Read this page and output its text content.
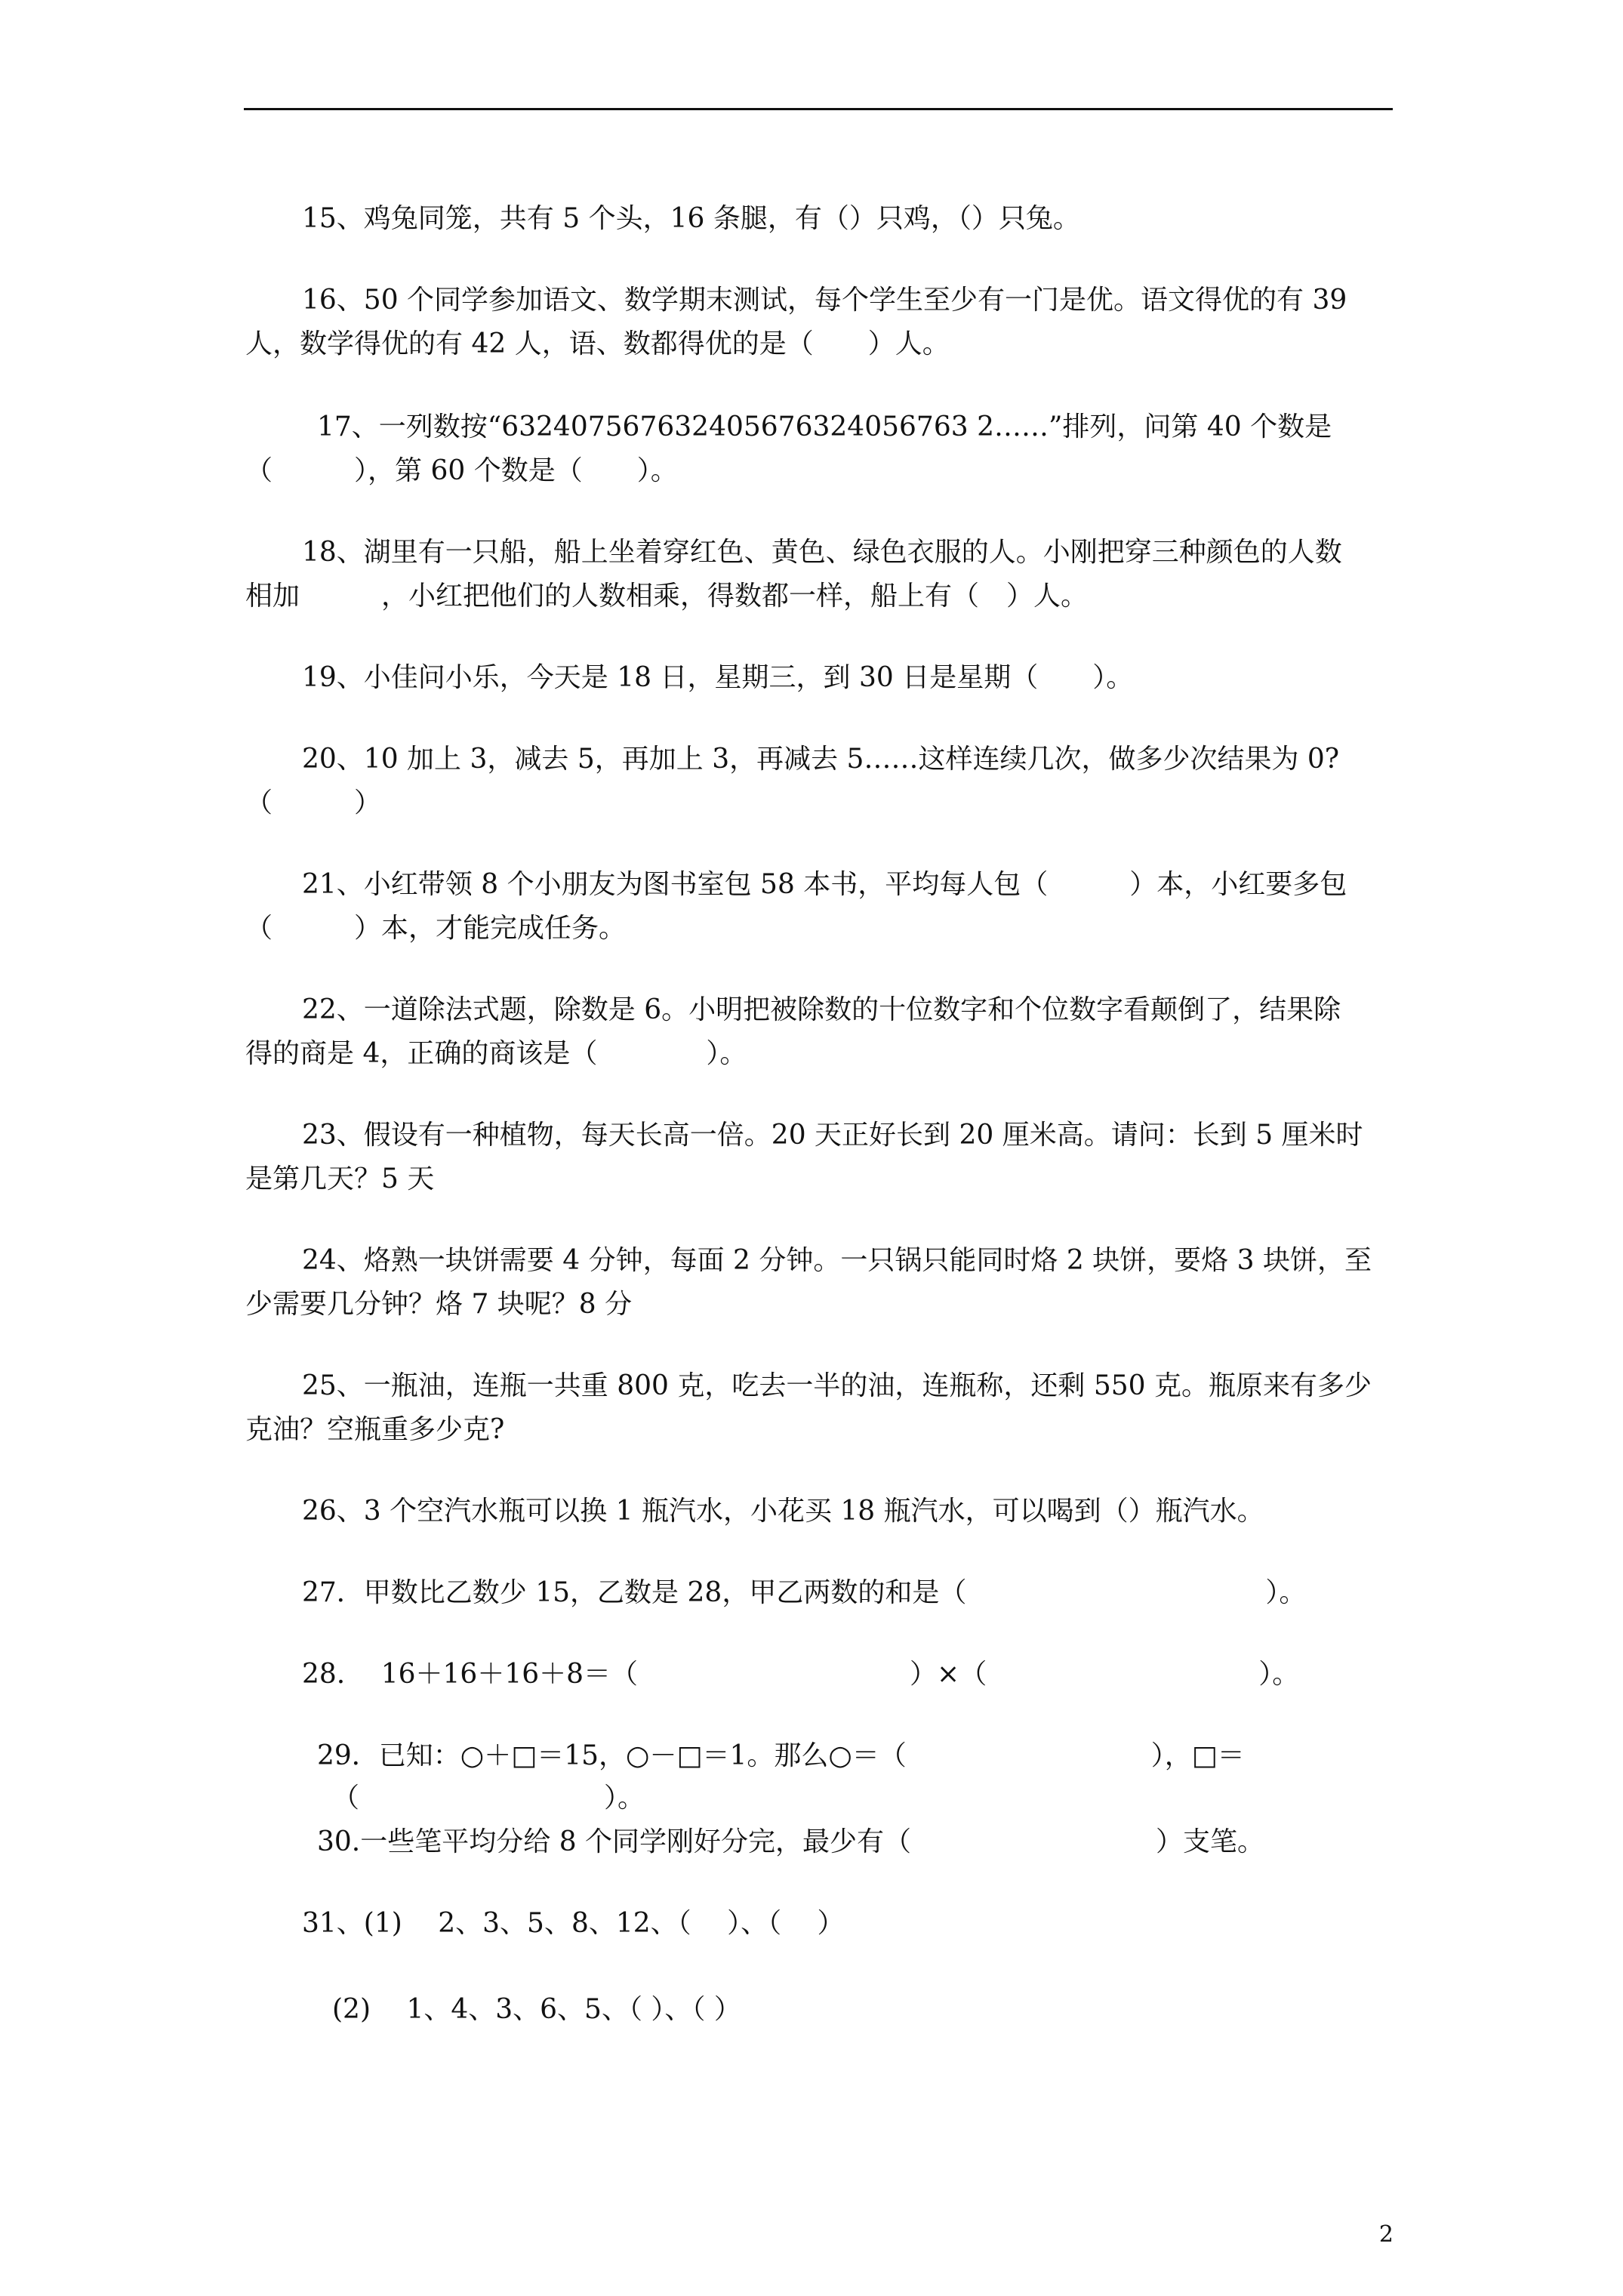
15、鸡兔同笼，共有 5 个头，16 条腿，有（）只鸡，（）只兔。
16、50 个同学参加语文、数学期末测试，每个学生至少有一门是优。语文得优的有 39
人，数学得优的有 42 人，语、数都得优的是（　　）人。
17、一列数按“632407567632405676324056763 2……”排列，问第 40 个数是
（　　　），第 60 个数是（　　）。
18、湖里有一只船，船上坐着穿红色、黄色、绿色衣服的人。小刚把穿三种颜色的人数
相加　　　，小红把他们的人数相乘，得数都一样，船上有（　）人。
19、小佳问小乐，今天是 18 日，星期三，到 30 日是星期（　　）。
20、10 加上 3，减去 5，再加上 3，再减去 5……这样连续几次，做多少次结果为 0?
（　　　）
21、小红带领 8 个小朋友为图书室包 58 本书，平均每人包（　　　）本，小红要多包
（　　　）本，才能完成任务。
22、一道除法式题，除数是 6。小明把被除数的十位数字和个位数字看颠倒了，结果除
得的商是 4，正确的商该是（　　　　）。
23、假设有一种植物，每天长高一倍。20 天正好长到 20 厘米高。请问：长到 5 厘米时
是第几天？5 天
24、烙熟一块饼需要 4 分钟，每面 2 分钟。一只锅只能同时烙 2 块饼，要烙 3 块饼，至
少需要几分钟？烙 7 块呢？8 分
25、一瓶油，连瓶一共重 800 克，吃去一半的油，连瓶称，还剩 550 克。瓶原来有多少
克油？空瓶重多少克?
26、3 个空汽水瓶可以换 1 瓶汽水，小花买 18 瓶汽水，可以喝到（）瓶汽水。
27．甲数比乙数少 15，乙数是 28，甲乙两数的和是（　　　　　　　　　　　）。
28.　 16＋16＋16＋8＝（　　　　　　　　　　）×（　　　　　　　　　　）。
29．已知：○＋□＝15，○－□＝1。那么○＝（　　　　　　　　　），□＝
（　　　　　　　　　）。
30.一些笔平均分给 8 个同学刚好分完，最少有（　　　　　　　　　）支笔。
31、(1)　 2、3、5、8、12、（　 ）、（　 ）
(2)　 1、4、3、6、5、（ ）、（ ）
2
